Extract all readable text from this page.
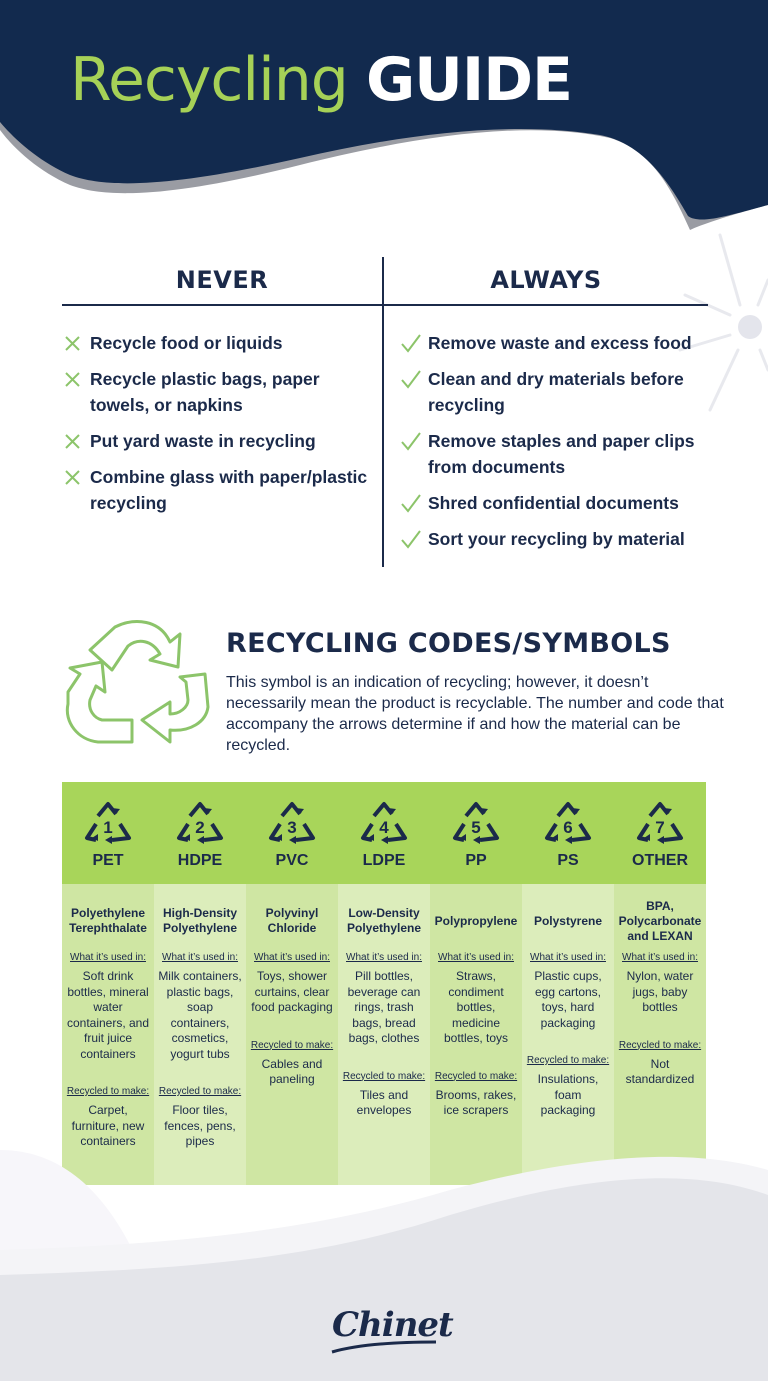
Recycling GUIDE
NEVER	ALWAYS
Recycle food or liquids
Recycle plastic bags, paper towels, or napkins
Put yard waste in recycling
Combine glass with paper/plastic recycling
Remove waste and excess food
Clean and dry materials before recycling
Remove staples and paper clips from documents
Shred confidential documents
Sort your recycling by material
RECYCLING CODES/SYMBOLS
This symbol is an indication of recycling; however, it doesn’t necessarily mean the product is recyclable. The number and code that accompany the arrows determine if and how the material can be recycled.
1
PET
Polyethylene Terephthalate
What it’s used in:
Soft drink bottles, mineral water containers, and fruit juice containers
Recycled to make:
Carpet, furniture, new containers
2
HDPE
High-Density Polyethylene
What it’s used in:
Milk containers, plastic bags, soap containers, cosmetics, yogurt tubs
Recycled to make:
Floor tiles, fences, pens, pipes
3
PVC
Polyvinyl Chloride
What it’s used in:
Toys, shower curtains, clear food packaging
Recycled to make:
Cables and paneling
4
LDPE
Low-Density Polyethylene
What it’s used in:
Pill bottles, beverage can rings, trash bags, bread bags, clothes
Recycled to make:
Tiles and envelopes
5
PP
Polypropylene
What it’s used in:
Straws, condiment bottles, medicine bottles, toys
Recycled to make:
Brooms, rakes, ice scrapers
6
PS
Polystyrene
What it’s used in:
Plastic cups, egg cartons, toys, hard packaging
Recycled to make:
Insulations, foam packaging
7
OTHER
BPA, Polycarbonate and LEXAN
What it’s used in:
Nylon, water jugs, baby bottles
Recycled to make:
Not standardized
Chinet
